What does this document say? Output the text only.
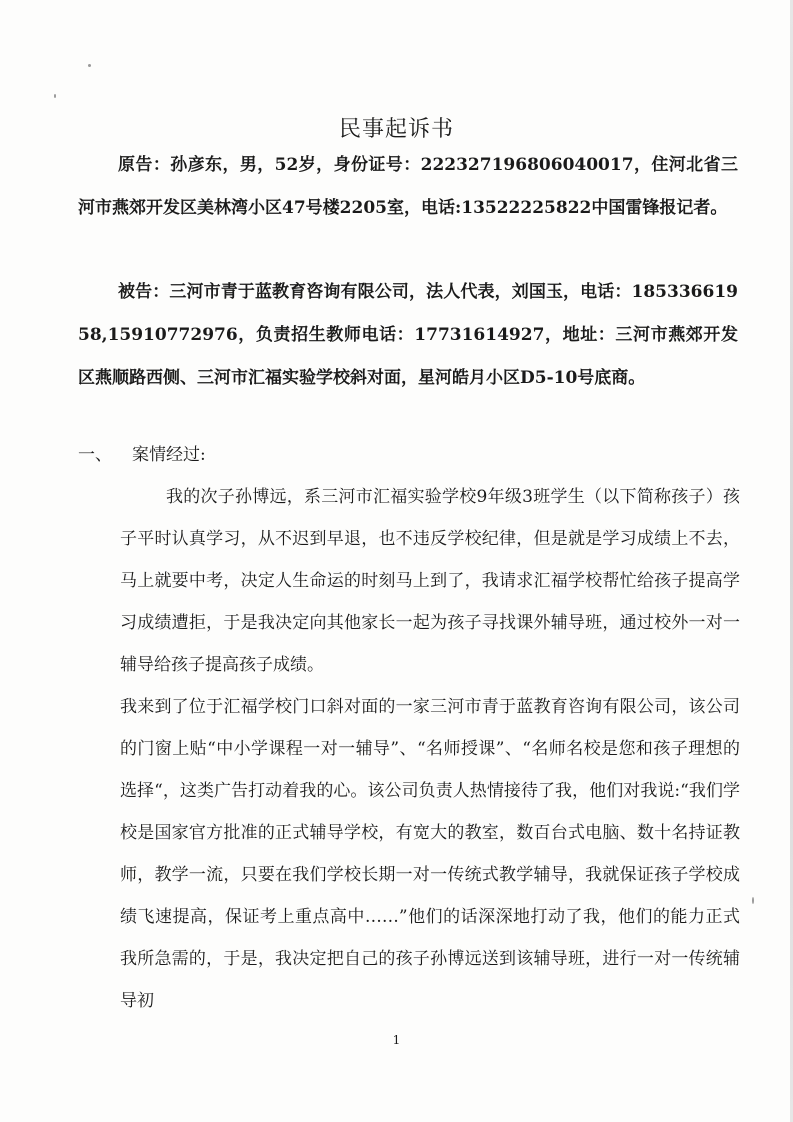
民事起诉书
原告：孙彦东，男，52岁，身份证号：222327196806040017，住河北省三河市燕郊开发区美林湾小区47号楼2205室，电话:13522225822中国雷锋报记者。
被告：三河市青于蓝教育咨询有限公司，法人代表，刘国玉，电话：18533661958,15910772976，负责招生教师电话：17731614927，地址：三河市燕郊开发区燕顺路西侧、三河市汇福实验学校斜对面，星河皓月小区D5-10号底商。
一、 案情经过:
我的次子孙博远，系三河市汇福实验学校9年级3班学生（以下简称孩子）孩子平时认真学习，从不迟到早退，也不违反学校纪律，但是就是学习成绩上不去，马上就要中考，决定人生命运的时刻马上到了，我请求汇福学校帮忙给孩子提高学习成绩遭拒，于是我决定向其他家长一起为孩子寻找课外辅导班，通过校外一对一辅导给孩子提高孩子成绩。
我来到了位于汇福学校门口斜对面的一家三河市青于蓝教育咨询有限公司，该公司的门窗上贴“中小学课程一对一辅导”、“名师授课”、“名师名校是您和孩子理想的选择“，这类广告打动着我的心。该公司负责人热情接待了我，他们对我说:“我们学校是国家官方批准的正式辅导学校，有宽大的教室，数百台式电脑、数十名持证教师，教学一流，只要在我们学校长期一对一传统式教学辅导，我就保证孩子学校成绩飞速提高，保证考上重点高中……”他们的话深深地打动了我，他们的能力正式我所急需的，于是，我决定把自己的孩子孙博远送到该辅导班，进行一对一传统辅导初
1
